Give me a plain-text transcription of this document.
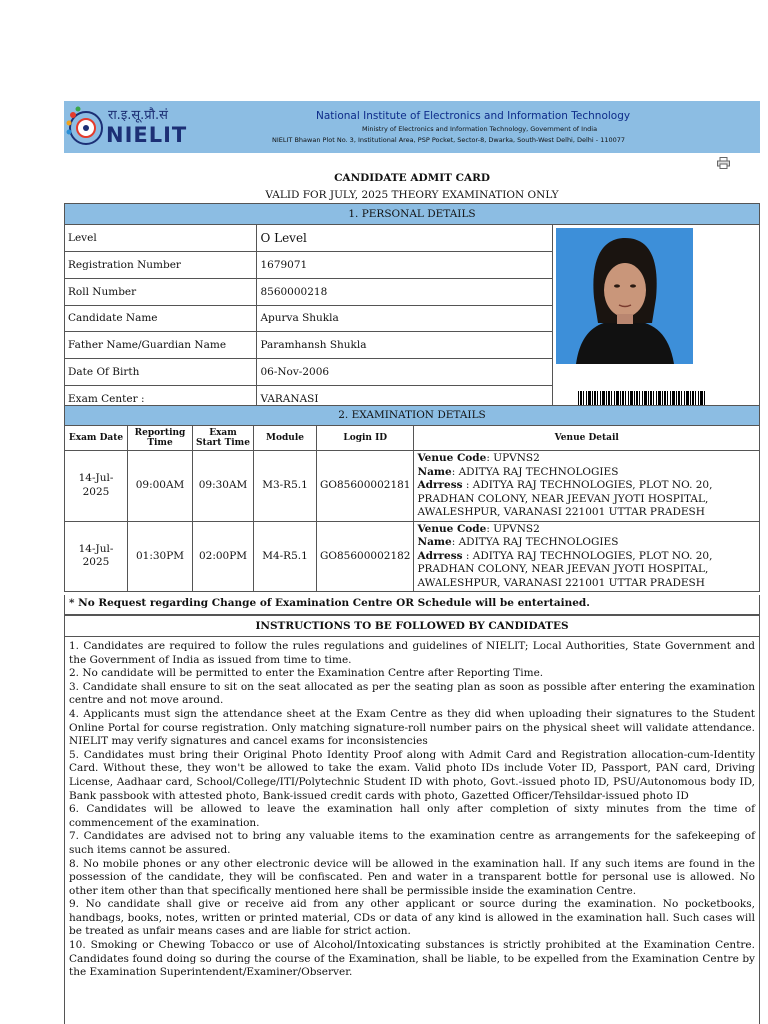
रा.इ.सू.प्रौ.सं
NIELIT
National Institute of Electronics and Information Technology
Ministry of Electronics and Information Technology, Government of India
NIELIT Bhawan Plot No. 3, Institutional Area, PSP Pocket, Sector-8, Dwarka, South-West Delhi, Delhi - 110077
CANDIDATE ADMIT CARD
VALID FOR JULY, 2025 THEORY EXAMINATION ONLY
1. PERSONAL DETAILS		
Level	O Level	

Registration Number	1679071	
Roll Number	8560000218	
Candidate Name	Apurva Shukla	
Father Name/Guardian Name	Paramhansh Shukla	
Date Of Birth	06-Nov-2006	
Exam Center :	VARANASI	
2. EXAMINATION DETAILS					
Exam Date	Reporting Time	Exam Start Time	Module	Login ID	Venue Detail
14-Jul-2025	09:00AM	09:30AM	M3-R5.1	GO85600002181	Venue Code: UPVNS2
Name: ADITYA RAJ TECHNOLOGIES
Adrress : ADITYA RAJ TECHNOLOGIES, PLOT NO. 20, PRADHAN COLONY, NEAR JEEVAN JYOTI HOSPITAL, AWALESHPUR, VARANASI 221001 UTTAR PRADESH
14-Jul-2025	01:30PM	02:00PM	M4-R5.1	GO85600002182	Venue Code: UPVNS2
Name: ADITYA RAJ TECHNOLOGIES
Adrress : ADITYA RAJ TECHNOLOGIES, PLOT NO. 20, PRADHAN COLONY, NEAR JEEVAN JYOTI HOSPITAL, AWALESHPUR, VARANASI 221001 UTTAR PRADESH
* No Request regarding Change of Examination Centre OR Schedule will be entertained.
INSTRUCTIONS TO BE FOLLOWED BY CANDIDATES

1. Candidates are required to follow the rules regulations and guidelines of NIELIT; Local Authorities, State Government and the Government of India as issued from time to time.

2. No candidate will be permitted to enter the Examination Centre after Reporting Time.

3. Candidate shall ensure to sit on the seat allocated as per the seating plan as soon as possible after entering the examination centre and not move around.

4. Applicants must sign the attendance sheet at the Exam Centre as they did when uploading their signatures to the Student Online Portal for course registration. Only matching signature-roll number pairs on the physical sheet will validate attendance. NIELIT may verify signatures and cancel exams for inconsistencies

5. Candidates must bring their Original Photo Identity Proof along with Admit Card and Registration allocation-cum-Identity Card. Without these, they won't be allowed to take the exam. Valid photo IDs include Voter ID, Passport, PAN card, Driving License, Aadhaar card, School/College/ITI/Polytechnic Student ID with photo, Govt.-issued photo ID, PSU/Autonomous body ID, Bank passbook with attested photo, Bank-issued credit cards with photo, Gazetted Officer/Tehsildar-issued photo ID

6. Candidates will be allowed to leave the examination hall only after completion of sixty minutes from the time of commencement of the examination.

7. Candidates are advised not to bring any valuable items to the examination centre as arrangements for the safekeeping of such items cannot be assured.

8. No mobile phones or any other electronic device will be allowed in the examination hall. If any such items are found in the possession of the candidate, they will be confiscated. Pen and water in a transparent bottle for personal use is allowed. No other item other than that specifically mentioned here shall be permissible inside the examination Centre.

9. No candidate shall give or receive aid from any other applicant or source during the examination. No pocketbooks, handbags, books, notes, written or printed material, CDs or data of any kind is allowed in the examination hall. Such cases will be treated as unfair means cases and are liable for strict action.

10. Smoking or Chewing Tobacco or use of Alcohol/Intoxicating substances is strictly prohibited at the Examination Centre. Candidates found doing so during the course of the Examination, shall be liable, to be expelled from the Examination Centre by the Examination Superintendent/Examiner/Observer.
